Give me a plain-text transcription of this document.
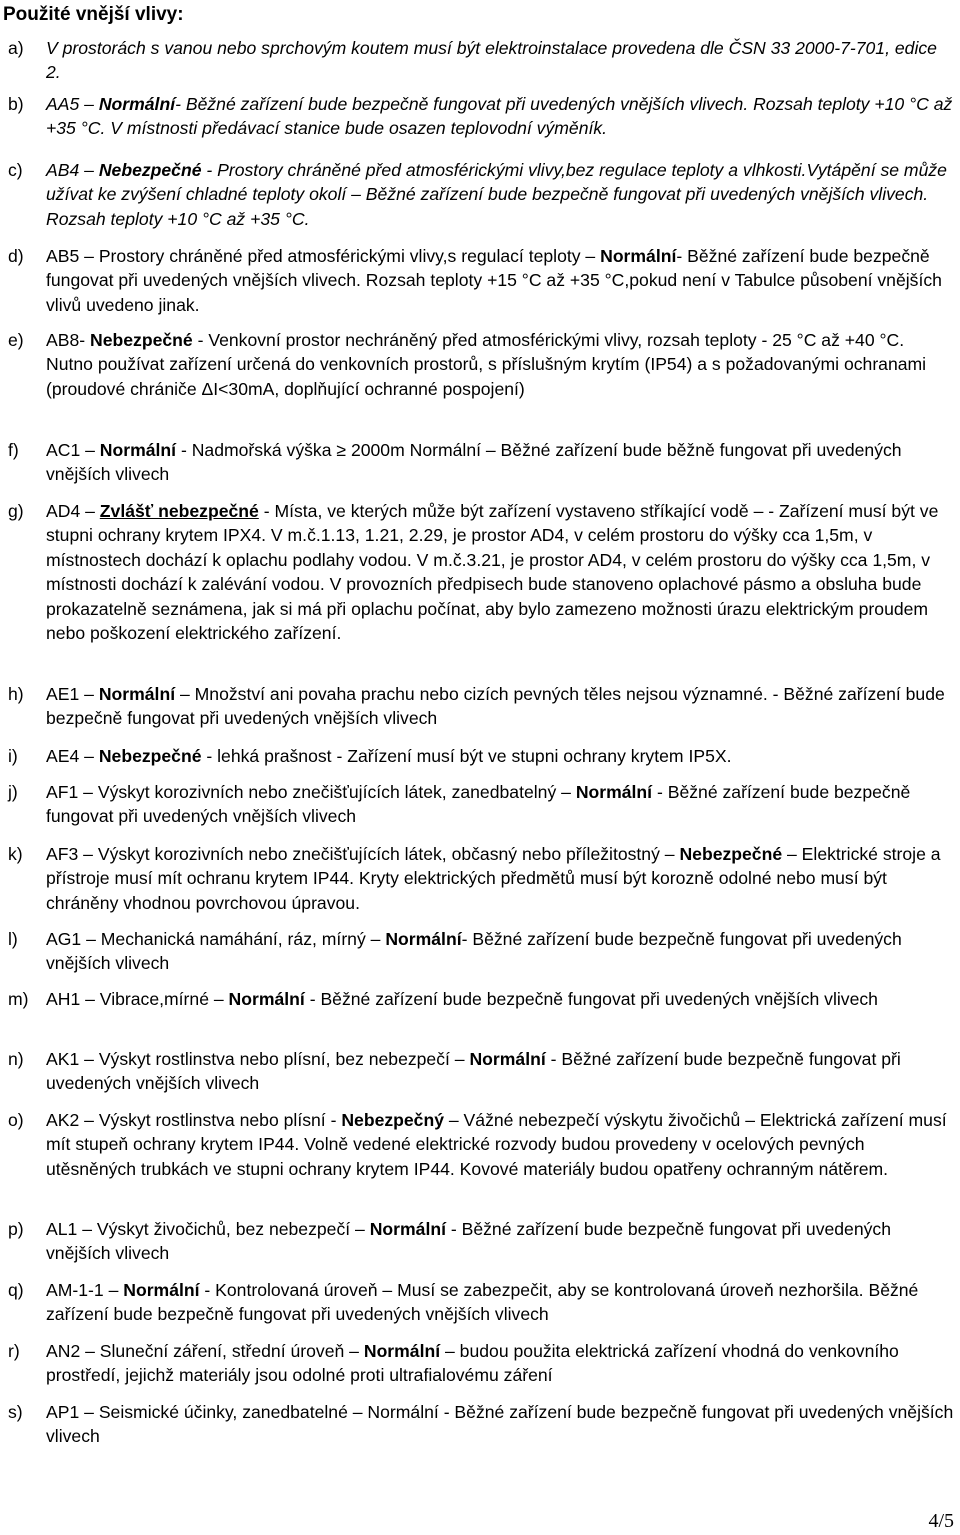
Použité vnější vlivy:
a) V prostorách s vanou nebo sprchovým koutem musí být elektroinstalace provedena dle ČSN 33 2000-7-701, edice 2.
b) AA5 – Normální- Běžné zařízení bude bezpečně fungovat při uvedených vnějších vlivech. Rozsah teploty +10 °C až +35 °C. V místnosti předávací stanice bude osazen teplovodní výměník.
c) AB4 – Nebezpečné - Prostory chráněné před atmosférickými vlivy,bez regulace teploty a vlhkosti.Vytápění se může užívat ke zvýšení chladné teploty okolí – Běžné zařízení bude bezpečně fungovat při uvedených vnějších vlivech. Rozsah teploty +10 °C až +35 °C.
d) AB5 – Prostory chráněné před atmosférickými vlivy,s regulací teploty – Normální- Běžné zařízení bude bezpečně fungovat při uvedených vnějších vlivech. Rozsah teploty +15 °C až +35 °C,pokud není v Tabulce působení vnějších vlivů uvedeno jinak.
e) AB8- Nebezpečné - Venkovní prostor nechráněný před atmosférickými vlivy, rozsah teploty - 25 °C až +40 °C. Nutno používat zařízení určená do venkovních prostorů, s příslušným krytím (IP54) a s požadovanými ochranami (proudové chrániče ΔI<30mA, doplňující ochranné pospojení)
f) AC1 – Normální - Nadmořská výška ≥ 2000m Normální – Běžné zařízení bude běžně fungovat při uvedených vnějších vlivech
g) AD4 – Zvlášť nebezpečné - Místa, ve kterých může být zařízení vystaveno stříkající vodě – - Zařízení musí být ve stupni ochrany krytem IPX4. V m.č.1.13, 1.21, 2.29, je prostor AD4, v celém prostoru do výšky cca 1,5m, v místnostech dochází k oplachu podlahy vodou. V m.č.3.21, je prostor AD4, v celém prostoru do výšky cca 1,5m, v místnosti dochází k zalévání vodou. V provozních předpisech bude stanoveno oplachové pásmo a obsluha bude prokazatelně seznámena, jak si má při oplachu počínat, aby bylo zamezeno možnosti úrazu elektrickým proudem nebo poškození elektrického zařízení.
h) AE1 – Normální – Množství ani povaha prachu nebo cizích pevných těles nejsou významné. - Běžné zařízení bude bezpečně fungovat při uvedených vnějších vlivech
i) AE4 – Nebezpečné - lehká prašnost - Zařízení musí být ve stupni ochrany krytem IP5X.
j) AF1 – Výskyt korozivních nebo znečišťujících látek, zanedbatelný – Normální - Běžné zařízení bude bezpečně fungovat při uvedených vnějších vlivech
k) AF3 – Výskyt korozivních nebo znečišťujících látek, občasný nebo příležitostný – Nebezpečné – Elektrické stroje a přístroje musí mít ochranu krytem IP44. Kryty elektrických předmětů musí být korozně odolné nebo musí být chráněny vhodnou povrchovou úpravou.
l) AG1 – Mechanická namáhání, ráz, mírný – Normální- Běžné zařízení bude bezpečně fungovat při uvedených vnějších vlivech
m) AH1 – Vibrace,mírné – Normální - Běžné zařízení bude bezpečně fungovat při uvedených vnějších vlivech
n) AK1 – Výskyt rostlinstva nebo plísní, bez nebezpečí – Normální - Běžné zařízení bude bezpečně fungovat při uvedených vnějších vlivech
o) AK2 – Výskyt rostlinstva nebo plísní - Nebezpečný – Vážné nebezpečí výskytu živočichů – Elektrická zařízení musí mít stupeň ochrany krytem IP44. Volně vedené elektrické rozvody budou provedeny v ocelových pevných utěsněných trubkách ve stupni ochrany krytem IP44. Kovové materiály budou opatřeny ochranným nátěrem.
p) AL1 – Výskyt živočichů, bez nebezpečí – Normální - Běžné zařízení bude bezpečně fungovat při uvedených vnějších vlivech
q) AM-1-1 – Normální - Kontrolovaná úroveň – Musí se zabezpečit, aby se kontrolovaná úroveň nezhoršila. Běžné zařízení bude bezpečně fungovat při uvedených vnějších vlivech
r) AN2 – Sluneční záření, střední úroveň – Normální – budou použita elektrická zařízení vhodná do venkovního prostředí, jejichž materiály jsou odolné proti ultrafialovému záření
s) AP1 – Seismické účinky, zanedbatelné – Normální - Běžné zařízení bude bezpečně fungovat při uvedených vnějších vlivech
4/5
